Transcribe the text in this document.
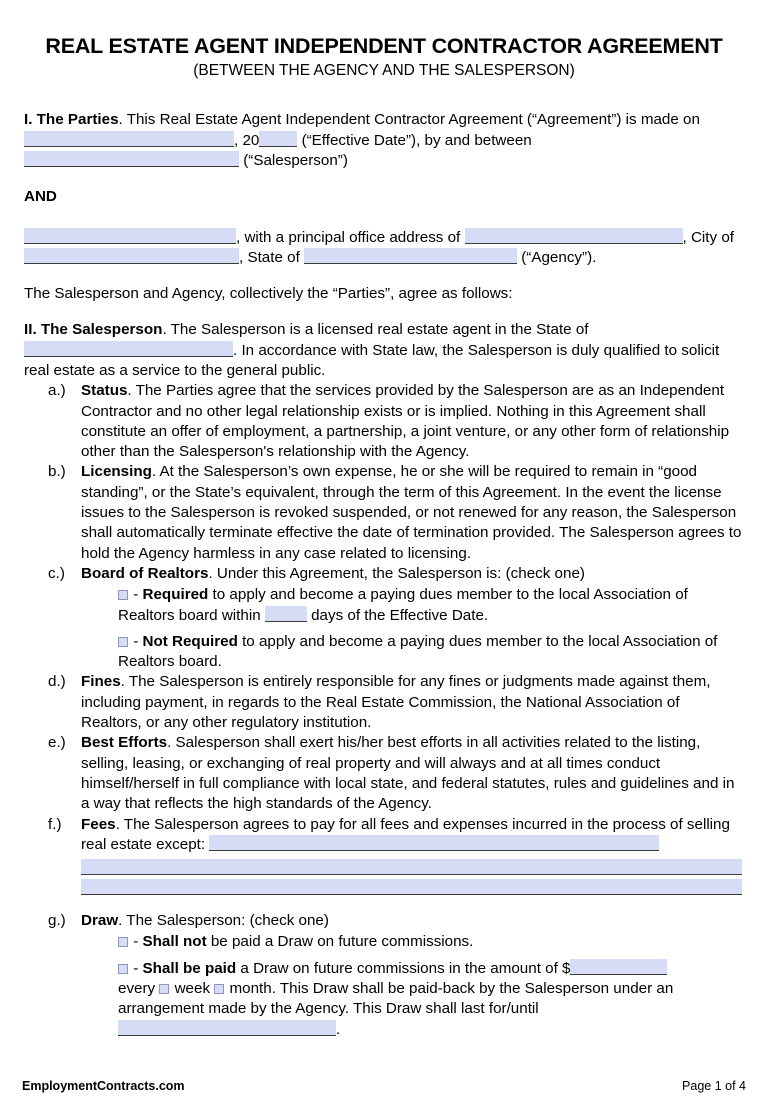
REAL ESTATE AGENT INDEPENDENT CONTRACTOR AGREEMENT
(BETWEEN THE AGENCY AND THE SALESPERSON)

I. The Parties. This Real Estate Agent Independent Contractor Agreement (“Agreement”) is made on , 20	(“Effective Date”), by and between
(“Salesperson”)

AND

, with a principal office address of	, City of , State of	(“Agency”).

The Salesperson and Agency, collectively the “Parties”, agree as follows:

II. The Salesperson. The Salesperson is a licensed real estate agent in the State of
. In accordance with State law, the Salesperson is duly qualified to solicit real estate as a service to the general public.

a.)	Status. The Parties agree that the services provided by the Salesperson are as an Independent Contractor and no other legal relationship exists or is implied. Nothing in this Agreement shall constitute an offer of employment, a partnership, a joint venture, or any other form of relationship other than the Salesperson's relationship with the Agency.
b.)	Licensing. At the Salesperson’s own expense, he or she will be required to remain in “good standing”, or the State’s equivalent, through the term of this Agreement. In the event the license issues to the Salesperson is revoked suspended, or not renewed for any reason, the Salesperson shall automatically terminate effective the date of termination provided. The Salesperson agrees to hold the Agency harmless in any case related to licensing.
c.)	Board of Realtors. Under this Agreement, the Salesperson is: (check one)

- Required to apply and become a paying dues member to the local Association of Realtors board within	days of the Effective Date.

- Not Required to apply and become a paying dues member to the local Association of Realtors board.

d.)	Fines. The Salesperson is entirely responsible for any fines or judgments made against them, including payment, in regards to the Real Estate Commission, the National Association of Realtors, or any other regulatory institution.
e.)	Best Efforts. Salesperson shall exert his/her best efforts in all activities related to the listing, selling, leasing, or exchanging of real property and will always and at all times conduct himself/herself in full compliance with local state, and federal statutes, rules and guidelines and in a way that reflects the high standards of the Agency.
f.)	Fees. The Salesperson agrees to pay for all fees and expenses incurred in the process of selling real estate except:
g.)	Draw. The Salesperson: (check one)

- Shall not be paid a Draw on future commissions.

- Shall be paid a Draw on future commissions in the amount of $
every  week  month. This Draw shall be paid-back by the Salesperson under an arrangement made by the Agency. This Draw shall last for/until
.

EmploymentContracts.com	Page 1 of 4
